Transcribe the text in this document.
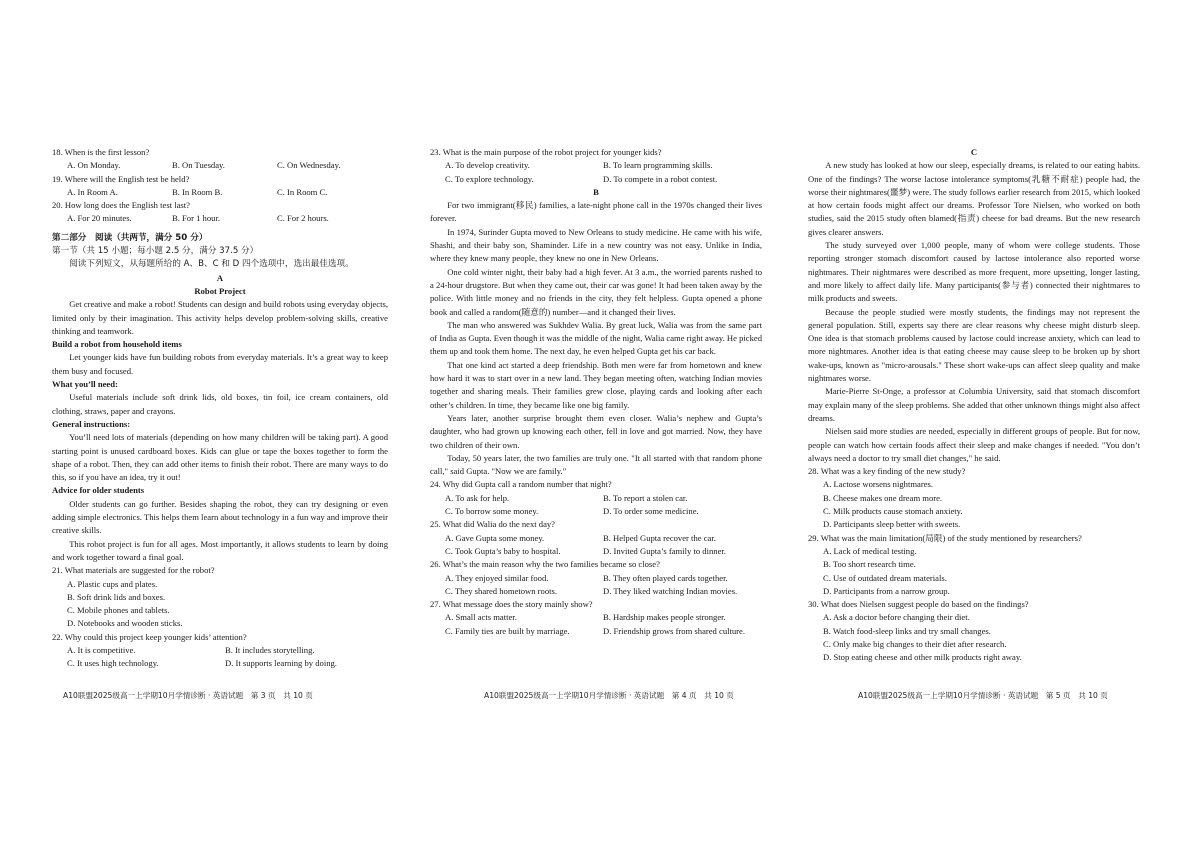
18. When is the first lesson?

A. On Monday.	B. On Tuesday.	C. On Wednesday.

19. Where will the English test be held?

A. In Room A.	B. In Room B.	C. In Room C.

20. How long does the English test last?

A. For 20 minutes.	B. For 1 hour.	C. For 2 hours.

第二部分　阅读（共两节，满分 50 分）

第一节（共 15 小题；每小题 2.5 分，满分 37.5 分）

阅读下列短文，从每题所给的 A、B、C 和 D 四个选项中，选出最佳选项。

A

Robot Project

Get creative and make a robot! Students can design and build robots using everyday objects, limited only by their imagination. This activity helps develop problem-solving skills, creative thinking and teamwork.

Build a robot from household items

Let younger kids have fun building robots from everyday materials. It’s a great way to keep them busy and focused.

What you’ll need:

Useful materials include soft drink lids, old boxes, tin foil, ice cream containers, old clothing, straws, paper and crayons.

General instructions:

You’ll need lots of materials (depending on how many children will be taking part). A good starting point is unused cardboard boxes. Kids can glue or tape the boxes together to form the shape of a robot. Then, they can add other items to finish their robot. There are many ways to do this, so if you have an idea, try it out!

Advice for older students

Older students can go further. Besides shaping the robot, they can try designing or even adding simple electronics. This helps them learn about technology in a fun way and improve their creative skills.

This robot project is fun for all ages. Most importantly, it allows students to learn by doing and work together toward a final goal.

21. What materials are suggested for the robot?

A. Plastic cups and plates.
B. Soft drink lids and boxes.
C. Mobile phones and tablets.
D. Notebooks and wooden sticks.

22. Why could this project keep younger kids’ attention?

A. It is competitive.	B. It includes storytelling.
C. It uses high technology.	D. It supports learning by doing.

23. What is the main purpose of the robot project for younger kids?

A. To develop creativity.	B. To learn programming skills.
C. To explore technology.	D. To compete in a robot contest.

B

For two immigrant(移民) families, a late-night phone call in the 1970s changed their lives forever.

In 1974, Surinder Gupta moved to New Orleans to study medicine. He came with his wife, Shashi, and their baby son, Shaminder. Life in a new country was not easy. Unlike in India, where they knew many people, they knew no one in New Orleans.

One cold winter night, their baby had a high fever. At 3 a.m., the worried parents rushed to a 24-hour drugstore. But when they came out, their car was gone! It had been taken away by the police. With little money and no friends in the city, they felt helpless. Gupta opened a phone book and called a random(随意的) number—and it changed their lives.

The man who answered was Sukhdev Walia. By great luck, Walia was from the same part of India as Gupta. Even though it was the middle of the night, Walia came right away. He picked them up and took them home. The next day, he even helped Gupta get his car back.

That one kind act started a deep friendship. Both men were far from hometown and knew how hard it was to start over in a new land. They began meeting often, watching Indian movies together and sharing meals. Their families grew close, playing cards and looking after each other’s children. In time, they became like one big family.

Years later, another surprise brought them even closer. Walia’s nephew and Gupta’s daughter, who had grown up knowing each other, fell in love and got married. Now, they have two children of their own.

Today, 50 years later, the two families are truly one. "It all started with that random phone call," said Gupta. "Now we are family."

24. Why did Gupta call a random number that night?

A. To ask for help.	B. To report a stolen car.
C. To borrow some money.	D. To order some medicine.

25. What did Walia do the next day?

A. Gave Gupta some money.	B. Helped Gupta recover the car.
C. Took Gupta’s baby to hospital.	D. Invited Gupta’s family to dinner.

26. What’s the main reason why the two families became so close?

A. They enjoyed similar food.	B. They often played cards together.
C. They shared hometown roots.	D. They liked watching Indian movies.

27. What message does the story mainly show?

A. Small acts matter.	B. Hardship makes people stronger.
C. Family ties are built by marriage.	D. Friendship grows from shared culture.

C

A new study has looked at how our sleep, especially dreams, is related to our eating habits. One of the findings? The worse lactose intolerance symptoms(乳糖不耐症) people had, the worse their nightmares(噩梦) were. The study follows earlier research from 2015, which looked at how certain foods might affect our dreams. Professor Tore Nielsen, who worked on both studies, said the 2015 study often blamed(指责) cheese for bad dreams. But the new research gives clearer answers.

The study surveyed over 1,000 people, many of whom were college students. Those reporting stronger stomach discomfort caused by lactose intolerance also reported worse nightmares. Their nightmares were described as more frequent, more upsetting, longer lasting, and more likely to affect daily life. Many participants(参与者) connected their nightmares to milk products and sweets.

Because the people studied were mostly students, the findings may not represent the general population. Still, experts say there are clear reasons why cheese might disturb sleep. One idea is that stomach problems caused by lactose could increase anxiety, which can lead to more nightmares. Another idea is that eating cheese may cause sleep to be broken up by short wake-ups, known as "micro-arousals." These short wake-ups can affect sleep quality and make nightmares worse.

Marie-Pierre St-Onge, a professor at Columbia University, said that stomach discomfort may explain many of the sleep problems. She added that other unknown things might also affect dreams.

Nielsen said more studies are needed, especially in different groups of people. But for now, people can watch how certain foods affect their sleep and make changes if needed. "You don’t always need a doctor to try small diet changes," he said.

28. What was a key finding of the new study?

A. Lactose worsens nightmares.
B. Cheese makes one dream more.
C. Milk products cause stomach anxiety.
D. Participants sleep better with sweets.

29. What was the main limitation(局限) of the study mentioned by researchers?

A. Lack of medical testing.
B. Too short research time.
C. Use of outdated dream materials.
D. Participants from a narrow group.

30. What does Nielsen suggest people do based on the findings?

A. Ask a doctor before changing their diet.
B. Watch food-sleep links and try small changes.
C. Only make big changes to their diet after research.
D. Stop eating cheese and other milk products right away.
A10联盟2025级高一上学期10月学情诊断 · 英语试题　第 3 页　共 10 页	A10联盟2025级高一上学期10月学情诊断 · 英语试题　第 4 页　共 10 页	A10联盟2025级高一上学期10月学情诊断 · 英语试题　第 5 页　共 10 页
